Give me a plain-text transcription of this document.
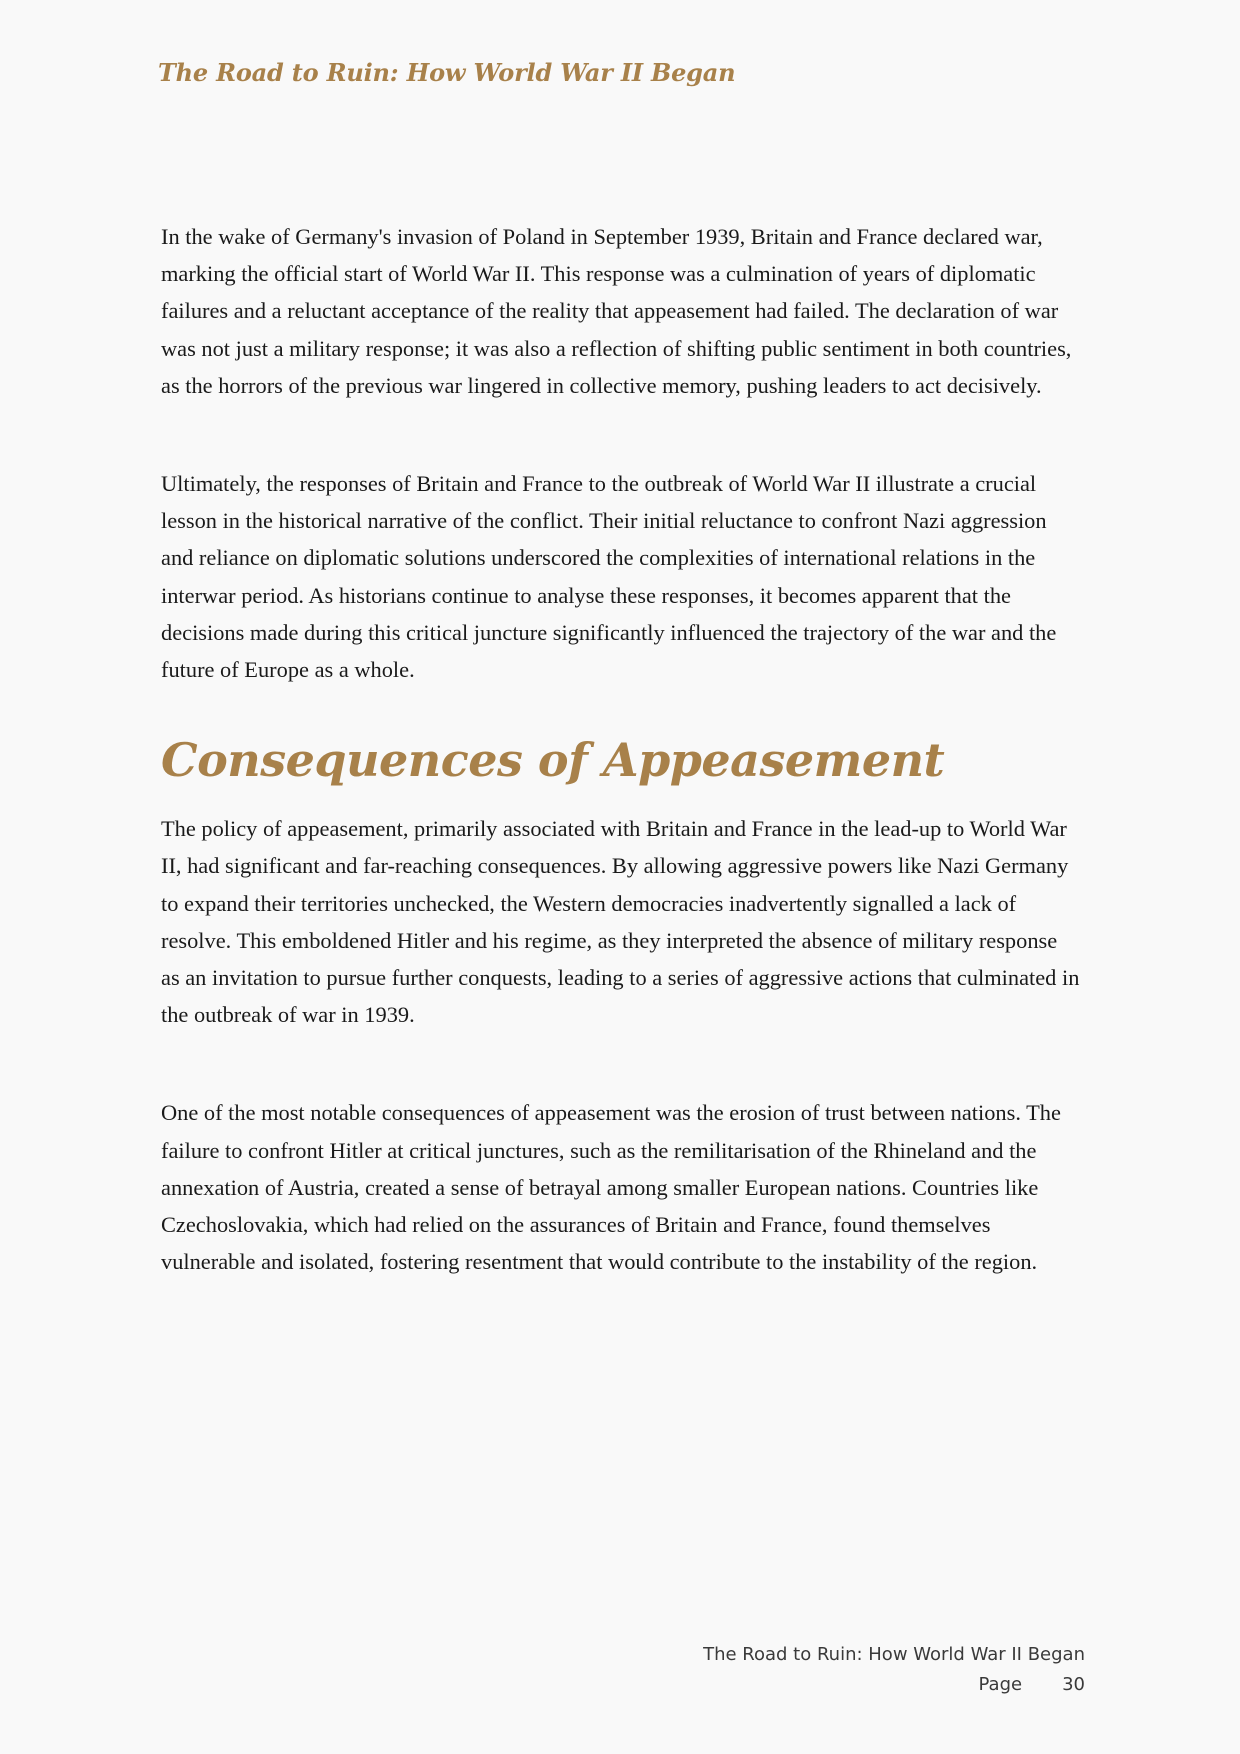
The Road to Ruin: How World War II Began

In the wake of Germany's invasion of Poland in September 1939, Britain and France declared war, marking the official start of World War II. This response was a culmination of years of diplomatic failures and a reluctant acceptance of the reality that appeasement had failed. The declaration of war was not just a military response; it was also a reflection of shifting public sentiment in both countries, as the horrors of the previous war lingered in collective memory, pushing leaders to act decisively.

Ultimately, the responses of Britain and France to the outbreak of World War II illustrate a crucial lesson in the historical narrative of the conflict. Their initial reluctance to confront Nazi aggression and reliance on diplomatic solutions underscored the complexities of international relations in the interwar period. As historians continue to analyse these responses, it becomes apparent that the decisions made during this critical juncture significantly influenced the trajectory of the war and the future of Europe as a whole.

Consequences of Appeasement

The policy of appeasement, primarily associated with Britain and France in the lead-up to World War II, had significant and far-reaching consequences. By allowing aggressive powers like Nazi Germany to expand their territories unchecked, the Western democracies inadvertently signalled a lack of resolve. This emboldened Hitler and his regime, as they interpreted the absence of military response as an invitation to pursue further conquests, leading to a series of aggressive actions that culminated in the outbreak of war in 1939.

One of the most notable consequences of appeasement was the erosion of trust between nations. The failure to confront Hitler at critical junctures, such as the remilitarisation of the Rhineland and the annexation of Austria, created a sense of betrayal among smaller European nations. Countries like Czechoslovakia, which had relied on the assurances of Britain and France, found themselves vulnerable and isolated, fostering resentment that would contribute to the instability of the region.

The Road to Ruin: How World War II Began
Page 30
